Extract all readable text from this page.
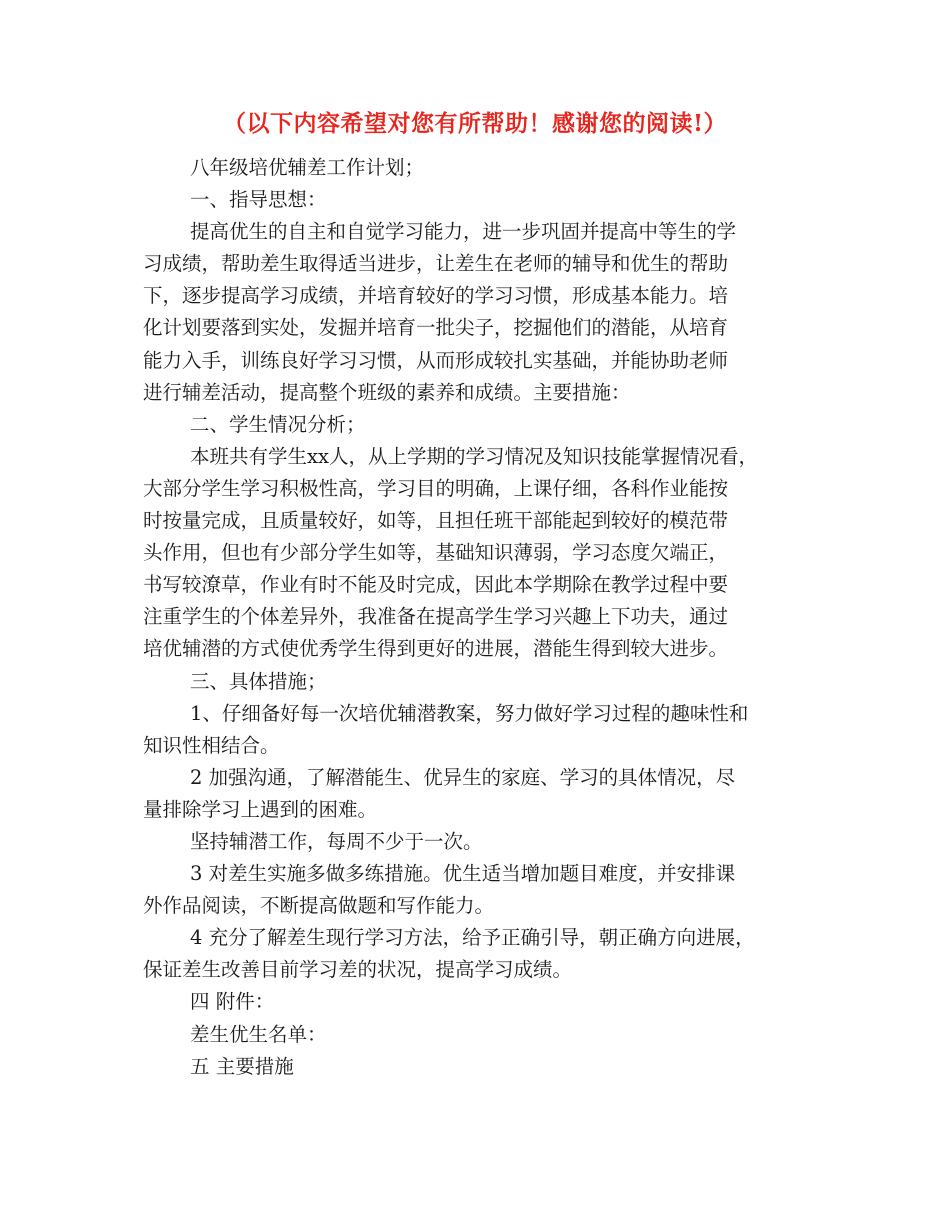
（以下内容希望对您有所帮助！感谢您的阅读!）
八年级培优辅差工作计划；
一、指导思想：
提高优生的自主和自觉学习能力，进一步巩固并提高中等生的学
习成绩，帮助差生取得适当进步，让差生在老师的辅导和优生的帮助
下，逐步提高学习成绩，并培育较好的学习习惯，形成基本能力。培
化计划要落到实处，发掘并培育一批尖子，挖掘他们的潜能，从培育
能力入手，训练良好学习习惯，从而形成较扎实基础，并能协助老师
进行辅差活动，提高整个班级的素养和成绩。主要措施：
二、学生情况分析；
本班共有学生xx人，从上学期的学习情况及知识技能掌握情况看，
大部分学生学习积极性高，学习目的明确，上课仔细，各科作业能按
时按量完成，且质量较好，如等，且担任班干部能起到较好的模范带
头作用，但也有少部分学生如等，基础知识薄弱，学习态度欠端正，
书写较潦草，作业有时不能及时完成，因此本学期除在教学过程中要
注重学生的个体差异外，我准备在提高学生学习兴趣上下功夫，通过
培优辅潜的方式使优秀学生得到更好的进展，潜能生得到较大进步。
三、具体措施；
1、仔细备好每一次培优辅潜教案，努力做好学习过程的趣味性和
知识性相结合。
2 加强沟通，了解潜能生、优异生的家庭、学习的具体情况，尽
量排除学习上遇到的困难。
坚持辅潜工作，每周不少于一次。
3 对差生实施多做多练措施。优生适当增加题目难度，并安排课
外作品阅读，不断提高做题和写作能力。
4 充分了解差生现行学习方法，给予正确引导，朝正确方向进展，
保证差生改善目前学习差的状况，提高学习成绩。
四 附件：
差生优生名单：
五 主要措施
